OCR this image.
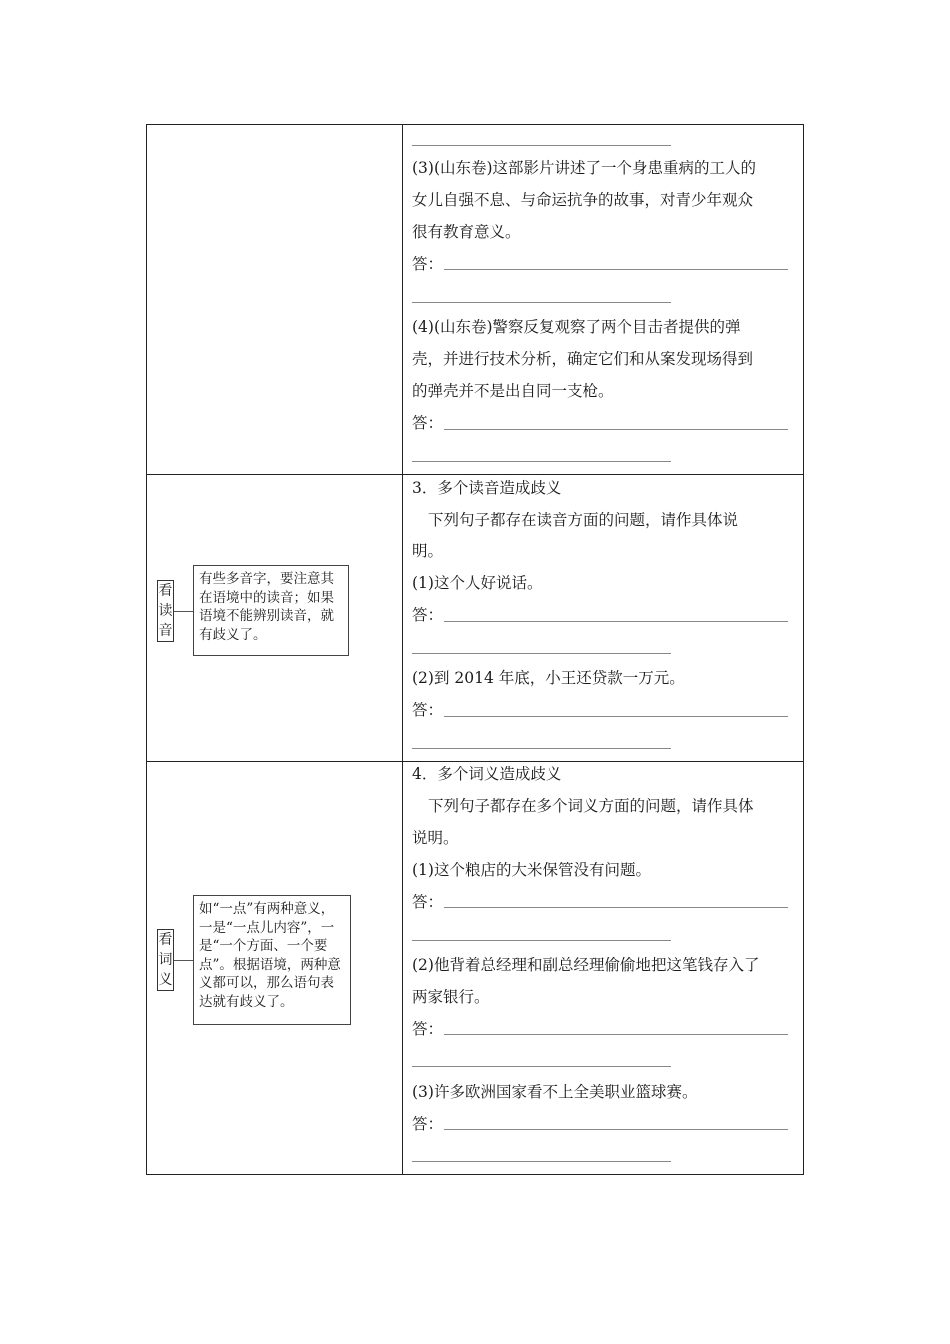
(3)(山东卷)这部影片讲述了一个身患重病的工人的
女儿自强不息、与命运抗争的故事，对青少年观众
很有教育意义。
答：
(4)(山东卷)警察反复观察了两个目击者提供的弹
壳，并进行技术分析，确定它们和从案发现场得到
的弹壳并不是出自同一支枪。
答：
看
读
音
有些多音字，要注意其
在语境中的读音；如果
语境不能辨别读音，就
有歧义了。
3．多个读音造成歧义
下列句子都存在读音方面的问题，请作具体说
明。
(1)这个人好说话。
答：
(2)到 2014 年底，小王还贷款一万元。
答：
看
词
义
如“一点”有两种意义，
一是“一点儿内容”，一
是“一个方面、一个要
点”。根据语境，两种意
义都可以，那么语句表
达就有歧义了。
4．多个词义造成歧义
下列句子都存在多个词义方面的问题，请作具体
说明。
(1)这个粮店的大米保管没有问题。
答：
(2)他背着总经理和副总经理偷偷地把这笔钱存入了
两家银行。
答：
(3)许多欧洲国家看不上全美职业篮球赛。
答：
